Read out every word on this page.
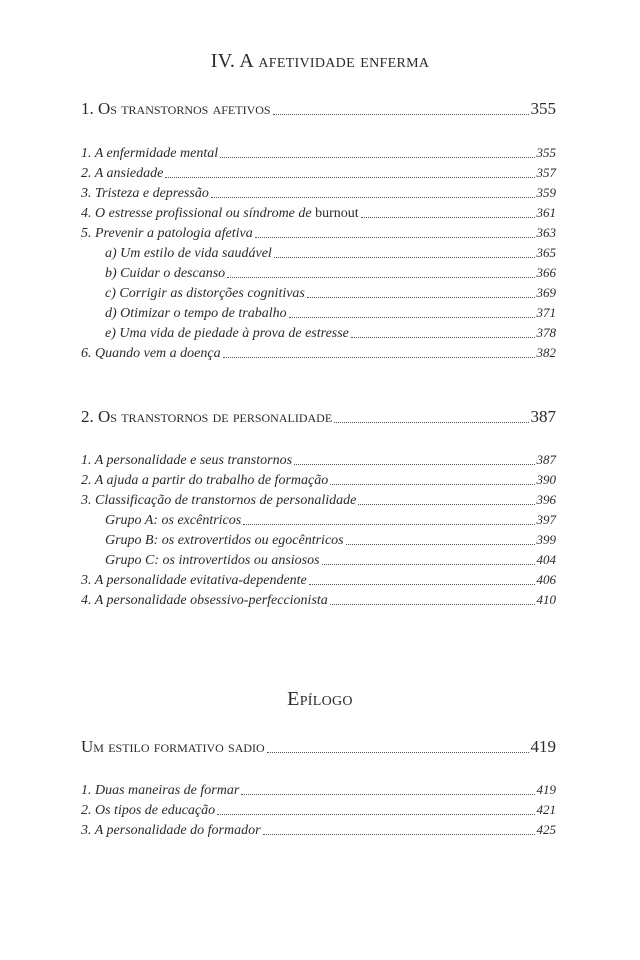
IV. A afetividade enferma
1. Os transtornos afetivos	355
1. A enfermidade mental	355
2. A ansiedade	357
3. Tristeza e depressão	359
4. O estresse profissional ou síndrome de burnout	361
5. Prevenir a patologia afetiva	363
a) Um estilo de vida saudável	365
b) Cuidar o descanso	366
c) Corrigir as distorções cognitivas	369
d) Otimizar o tempo de trabalho	371
e) Uma vida de piedade à prova de estresse	378
6. Quando vem a doença	382
2. Os transtornos de personalidade	387
1. A personalidade e seus transtornos	387
2. A ajuda a partir do trabalho de formação	390
3. Classificação de transtornos de personalidade	396
Grupo A: os excêntricos	397
Grupo B: os extrovertidos ou egocêntricos	399
Grupo C: os introvertidos ou ansiosos	404
3. A personalidade evitativa-dependente	406
4. A personalidade obsessivo-perfeccionista	410
Epílogo
Um estilo formativo sadio	419
1. Duas maneiras de formar	419
2. Os tipos de educação	421
3. A personalidade do formador	425
